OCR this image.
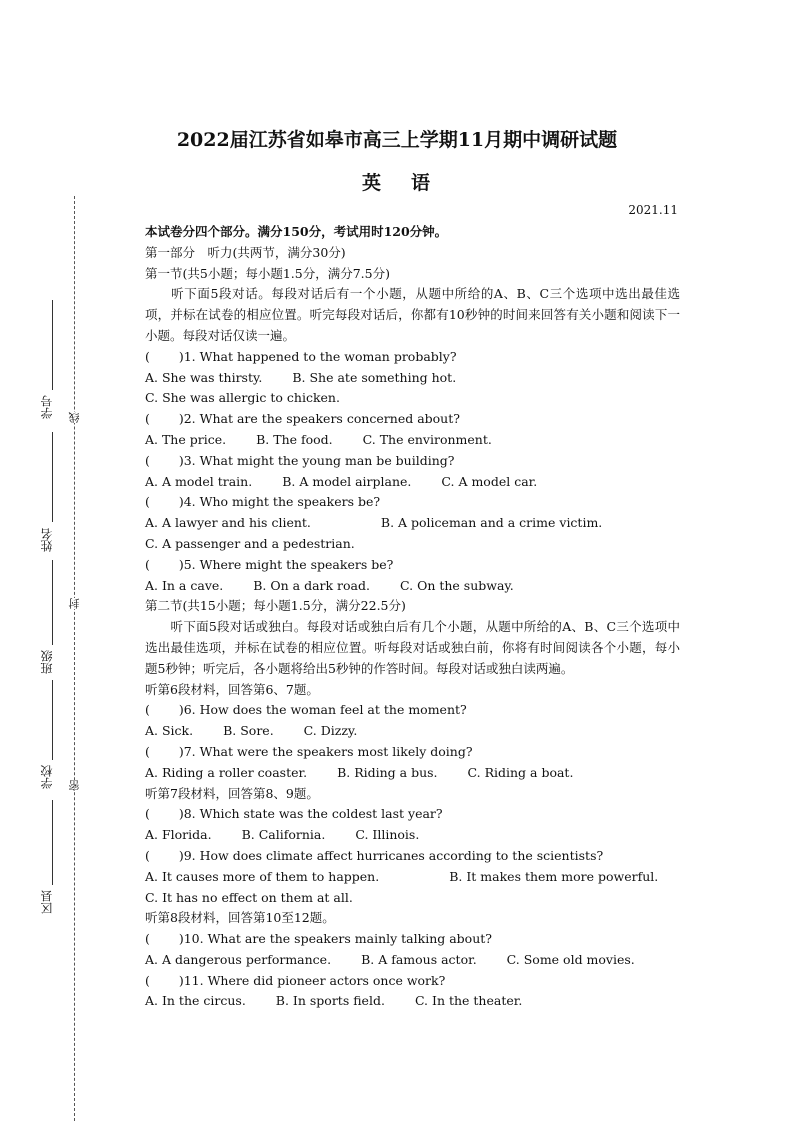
学号
姓名
班级
学校
区县
线
封
密
2022届江苏省如皋市高三上学期11月期中调研试题
英 语
2021.11
本试卷分四个部分。满分150分，考试用时120分钟。
第一部分　听力(共两节，满分30分)
第一节(共5小题；每小题1.5分，满分7.5分)
　　听下面5段对话。每段对话后有一个小题，从题中所给的A、B、C三个选项中选出最佳选项，并标在试卷的相应位置。听完每段对话后，你都有10秒钟的时间来回答有关小题和阅读下一小题。每段对话仅读一遍。
( 　　)1. What happened to the woman probably?
A. She was thirsty. B. She ate something hot.
C. She was allergic to chicken.
( 　　)2. What are the speakers concerned about?
A. The price. B. The food. C. The environment.
( 　　)3. What might the young man be building?
A. A model train. B. A model airplane. C. A model car.
( 　　)4. Who might the speakers be?
A. A lawyer and his client.	B. A policeman and a crime victim.
C. A passenger and a pedestrian.
( 　　)5. Where might the speakers be?
A. In a cave. B. On a dark road. C. On the subway.
第二节(共15小题；每小题1.5分，满分22.5分)
　　听下面5段对话或独白。每段对话或独白后有几个小题，从题中所给的A、B、C三个选项中选出最佳选项，并标在试卷的相应位置。听每段对话或独白前，你将有时间阅读各个小题，每小题5秒钟；听完后，各小题将给出5秒钟的作答时间。每段对话或独白读两遍。
听第6段材料，回答第6、7题。
( 　　)6. How does the woman feel at the moment?
A. Sick. B. Sore. C. Dizzy.
( 　　)7. What were the speakers most likely doing?
A. Riding a roller coaster. B. Riding a bus. C. Riding a boat.
听第7段材料，回答第8、9题。
( 　　)8. Which state was the coldest last year?
A. Florida. B. California. C. Illinois.
( 　　)9. How does climate affect hurricanes according to the scientists?
A. It causes more of them to happen.	B. It makes them more powerful.
C. It has no effect on them at all.
听第8段材料，回答第10至12题。
( 　　)10. What are the speakers mainly talking about?
A. A dangerous performance. B. A famous actor. C. Some old movies.
( 　　)11. Where did pioneer actors once work?
A. In the circus. B. In sports field. C. In the theater.
